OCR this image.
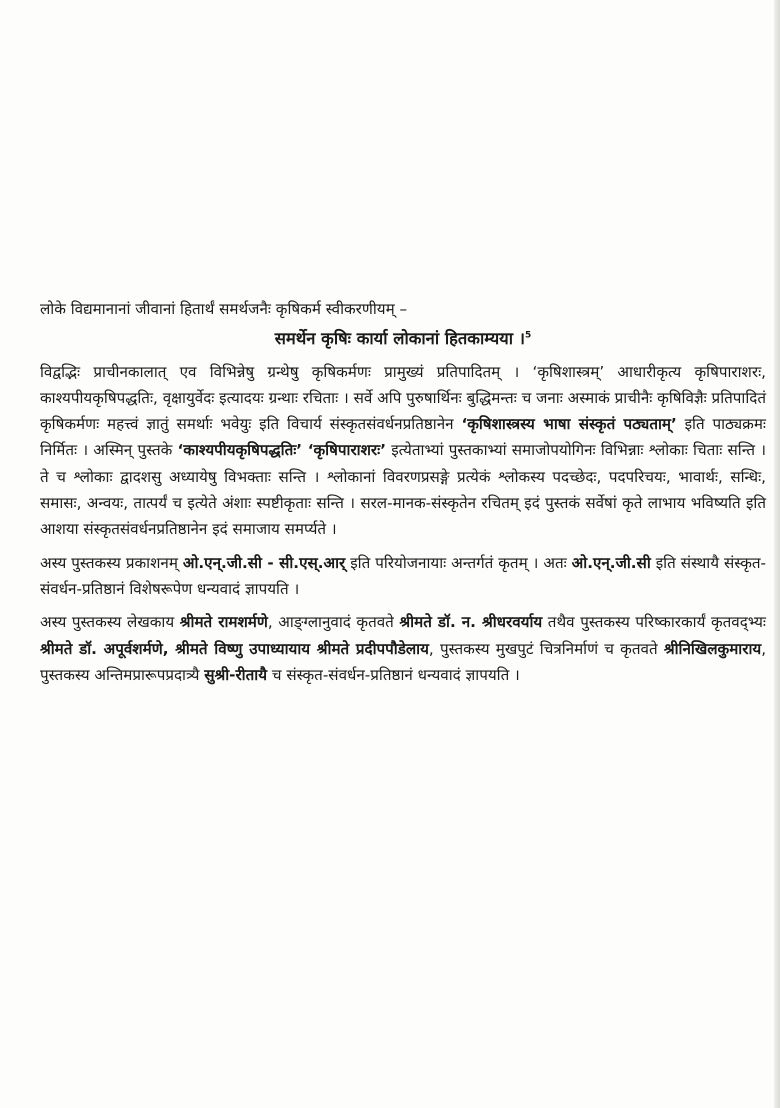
लोके विद्यमानानां जीवानां हितार्थं समर्थजनैः कृषिकर्म स्वीकरणीयम् –

समर्थेन कृषिः कार्या लोकानां हितकाम्यया ।$^5$

विद्वद्भिः प्राचीनकालात् एव विभिन्नेषु ग्रन्थेषु कृषिकर्मणः प्रामुख्यं प्रतिपादितम् । ‘कृषिशास्त्रम्’ आधारीकृत्य कृषिपाराशरः, काश्यपीयकृषिपद्धतिः, वृक्षायुर्वेदः इत्यादयः ग्रन्थाः रचिताः । सर्वे अपि पुरुषार्थिनः बुद्धिमन्तः च जनाः अस्माकं प्राचीनैः कृषिविज्ञैः प्रतिपादितं कृषिकर्मणः महत्त्वं ज्ञातुं समर्थाः भवेयुः इति विचार्य संस्कृतसंवर्धनप्रतिष्ठानेन ‘कृषिशास्त्रस्य भाषा संस्कृतं पठ्यताम्’ इति पाठ्यक्रमः निर्मितः । अस्मिन् पुस्तके ‘काश्यपीयकृषिपद्धतिः’ ‘कृषिपाराशरः’ इत्येताभ्यां पुस्तकाभ्यां समाजोपयोगिनः विभिन्नाः श्लोकाः चिताः सन्ति । ते च श्लोकाः द्वादशसु अध्यायेषु विभक्ताः सन्ति । श्लोकानां विवरणप्रसङ्गे प्रत्येकं श्लोकस्य पदच्छेदः, पदपरिचयः, भावार्थः, सन्धिः, समासः, अन्वयः, तात्पर्यं च इत्येते अंशाः स्पष्टीकृताः सन्ति । सरल-मानक-संस्कृतेन रचितम् इदं पुस्तकं सर्वेषां कृते लाभाय भविष्यति इति आशया संस्कृतसंवर्धनप्रतिष्ठानेन इदं समाजाय समर्प्यते ।

अस्य पुस्तकस्य प्रकाशनम् ओ.एन्.जी.सी - सी.एस्.आर् इति परियोजनायाः अन्तर्गतं कृतम् । अतः ओ.एन्.जी.सी इति संस्थायै संस्कृत-संवर्धन-प्रतिष्ठानं विशेषरूपेण धन्यवादं ज्ञापयति ।

अस्य पुस्तकस्य लेखकाय श्रीमते रामशर्मणे, आङ्ग्लानुवादं कृतवते श्रीमते डॉ. न. श्रीधरवर्याय तथैव पुस्तकस्य परिष्कारकार्यं कृतवद्भ्यः श्रीमते डॉ. अपूर्वशर्मणे, श्रीमते विष्णु उपाध्यायाय श्रीमते प्रदीपपौडेलाय, पुस्तकस्य मुखपुटं चित्रनिर्माणं च कृतवते श्रीनिखिलकुमाराय, पुस्तकस्य अन्तिमप्रारूपप्रदात्र्यै सुश्री-रीतायै च संस्कृत-संवर्धन-प्रतिष्ठानं धन्यवादं ज्ञापयति ।
